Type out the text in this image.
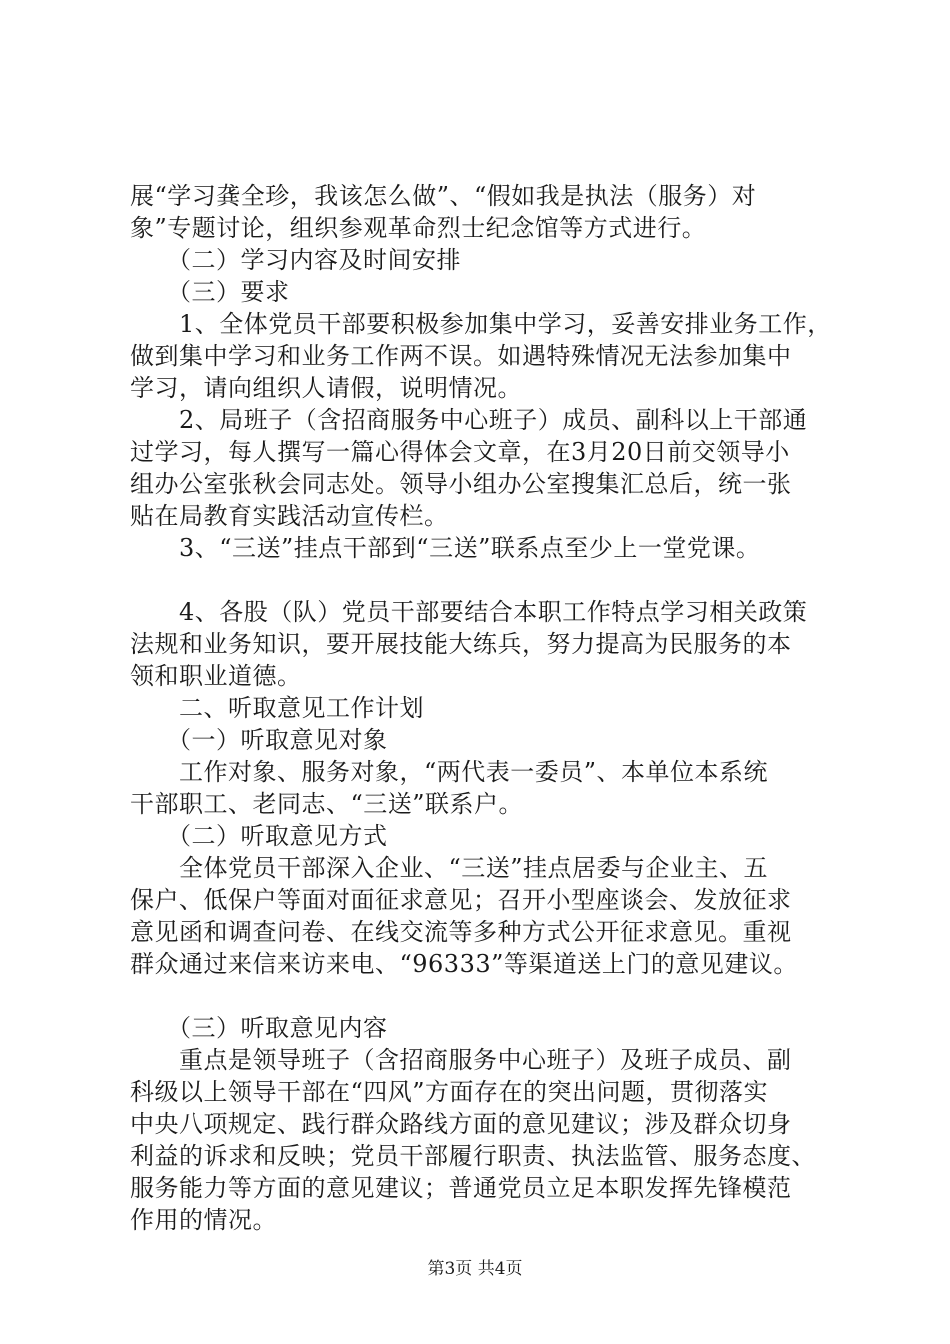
展“学习龚全珍，我该怎么做”、“假如我是执法（服务）对
象”专题讨论，组织参观革命烈士纪念馆等方式进行。
　　（二）学习内容及时间安排
　　（三）要求
　　1、全体党员干部要积极参加集中学习，妥善安排业务工作，
做到集中学习和业务工作两不误。如遇特殊情况无法参加集中
学习，请向组织人请假，说明情况。
　　2、局班子（含招商服务中心班子）成员、副科以上干部通
过学习，每人撰写一篇心得体会文章，在3月20日前交领导小
组办公室张秋会同志处。领导小组办公室搜集汇总后，统一张
贴在局教育实践活动宣传栏。
　　3、“三送”挂点干部到“三送”联系点至少上一堂党课。
　　4、各股（队）党员干部要结合本职工作特点学习相关政策
法规和业务知识，要开展技能大练兵，努力提高为民服务的本
领和职业道德。
　　二、听取意见工作计划
　　（一）听取意见对象
　　工作对象、服务对象，“两代表一委员”、本单位本系统
干部职工、老同志、“三送”联系户。
　　（二）听取意见方式
　　全体党员干部深入企业、“三送”挂点居委与企业主、五
保户、低保户等面对面征求意见；召开小型座谈会、发放征求
意见函和调查问卷、在线交流等多种方式公开征求意见。重视
群众通过来信来访来电、“96333”等渠道送上门的意见建议。
　　（三）听取意见内容
　　重点是领导班子（含招商服务中心班子）及班子成员、副
科级以上领导干部在“四风”方面存在的突出问题，贯彻落实
中央八项规定、践行群众路线方面的意见建议；涉及群众切身
利益的诉求和反映；党员干部履行职责、执法监管、服务态度、
服务能力等方面的意见建议；普通党员立足本职发挥先锋模范
作用的情况。
第3页 共4页
